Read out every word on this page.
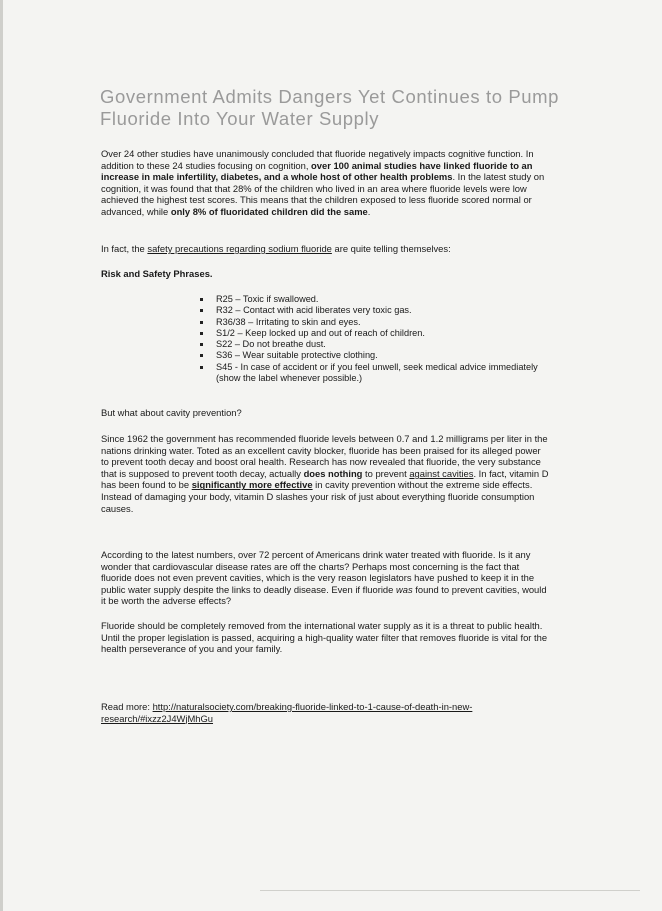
Government Admits Dangers Yet Continues to Pump Fluoride Into Your Water Supply

Over 24 other studies have unanimously concluded that fluoride negatively impacts cognitive function. In addition to these 24 studies focusing on cognition, over 100 animal studies have linked fluoride to an increase in male infertility, diabetes, and a whole host of other health problems. In the latest study on cognition, it was found that that 28% of the children who lived in an area where fluoride levels were low achieved the highest test scores. This means that the children exposed to less fluoride scored normal or advanced, while only 8% of fluoridated children did the same.

In fact, the safety precautions regarding sodium fluoride are quite telling themselves:

Risk and Safety Phrases.

R25 – Toxic if swallowed.
R32 – Contact with acid liberates very toxic gas.
R36/38 – Irritating to skin and eyes.
S1/2 – Keep locked up and out of reach of children.
S22 – Do not breathe dust.
S36 – Wear suitable protective clothing.
S45 - In case of accident or if you feel unwell, seek medical advice immediately (show the label whenever possible.)

But what about cavity prevention?

Since 1962 the government has recommended fluoride levels between 0.7 and 1.2 milligrams per liter in the nations drinking water. Toted as an excellent cavity blocker, fluoride has been praised for its alleged power to prevent tooth decay and boost oral health. Research has now revealed that fluoride, the very substance that is supposed to prevent tooth decay, actually does nothing to prevent against cavities. In fact, vitamin D has been found to be significantly more effective in cavity prevention without the extreme side effects. Instead of damaging your body, vitamin D slashes your risk of just about everything fluoride consumption causes.

According to the latest numbers, over 72 percent of Americans drink water treated with fluoride. Is it any wonder that cardiovascular disease rates are off the charts? Perhaps most concerning is the fact that fluoride does not even prevent cavities, which is the very reason legislators have pushed to keep it in the public water supply despite the links to deadly disease. Even if fluoride was found to prevent cavities, would it be worth the adverse effects?

Fluoride should be completely removed from the international water supply as it is a threat to public health. Until the proper legislation is passed, acquiring a high-quality water filter that removes fluoride is vital for the health perseverance of you and your family.

Read more: http://naturalsociety.com/breaking-fluoride-linked-to-1-cause-of-death-in-new-research/#ixzz2J4WjMhGu
